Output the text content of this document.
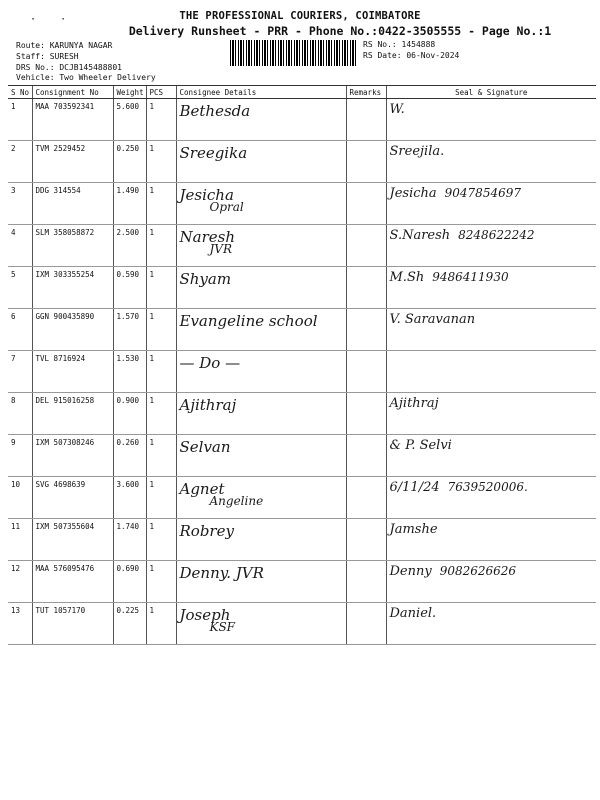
·    ·	THE PROFESSIONAL COURIERS, COIMBATORE
Delivery Runsheet - PRR - Phone No.:0422-3505555 - Page No.:1
Route: KARUNYA NAGAR
Staff: SURESH
DRS No.: DCJB145488801
Vehicle: Two Wheeler Delivery
RS No.: 1454888
RS Date: 06-Nov-2024
S No	Consignment No	Weight	PCS	Consignee Details	Remarks	Seal & Signature
1	MAA 703592341	5.600	1	Bethesda		W.
2	TVM 2529452	0.250	1	Sreegika		Sreejila.
3	DDG 314554	1.490	1	Jesicha
Opral		Jesicha 9047854697
4	SLM 358058872	2.500	1	Naresh
JVR		S.Naresh 8248622242
5	IXM 303355254	0.590	1	Shyam		M.Sh 9486411930
6	GGN 900435890	1.570	1	Evangeline school		V. Saravanan
7	TVL 8716924	1.530	1	— Do —		
8	DEL 915016258	0.900	1	Ajithraj		Ajithraj
9	IXM 507308246	0.260	1	Selvan		& P. Selvi
10	SVG 4698639	3.600	1	Agnet
Angeline		6/11/24 7639520006.
11	IXM 507355604	1.740	1	Robrey		Jamshe
12	MAA 576095476	0.690	1	Denny. JVR		Denny 9082626626
13	TUT 1057170	0.225	1	Joseph
KSF		Daniel.
